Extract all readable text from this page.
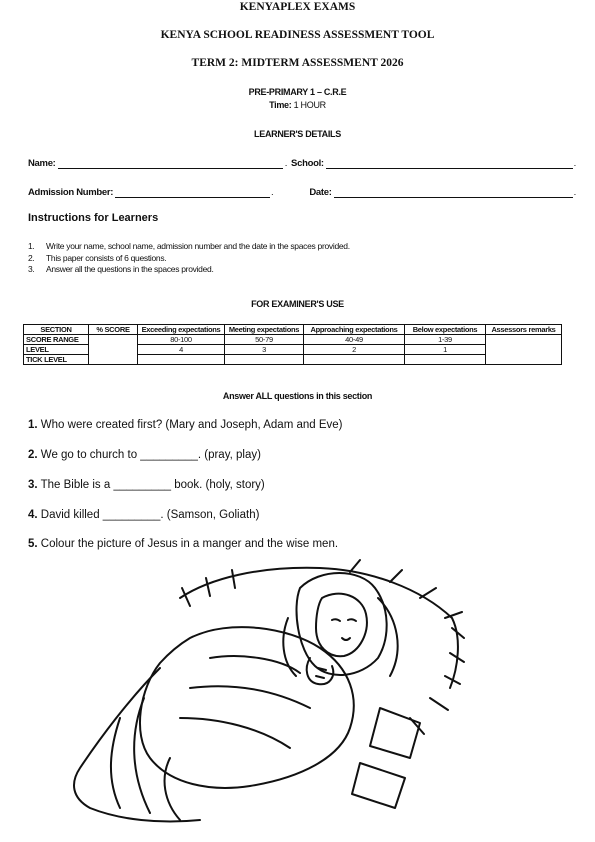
KENYAPLEX EXAMS
KENYA SCHOOL READINESS ASSESSMENT TOOL
TERM 2: MIDTERM ASSESSMENT 2026
PRE-PRIMARY 1 – C.R.E
Time: 1 HOUR
LEARNER'S DETAILS
Name:	. School:	.
Admission Number:	.	Date:	.
Instructions for Learners
1. Write your name, school name, admission number and the date in the spaces provided.
2. This paper consists of 6 questions.
3. Answer all the questions in the spaces provided.
FOR EXAMINER'S USE
SECTION	% SCORE	Exceeding expectations	Meeting expectations	Approaching expectations	Below expectations	Assessors remarks
SCORE RANGE		80-100	50-79	40-49	1-39	
LEVEL		4	3	2	1	
TICK LEVEL						
Answer ALL questions in this section
1. Who were created first? (Mary and Joseph, Adam and Eve)
2. We go to church to _________. (pray, play)
3. The Bible is a _________ book. (holy, story)
4. David killed _________. (Samson, Goliath)
5. Colour the picture of Jesus in a manger and the wise men.
